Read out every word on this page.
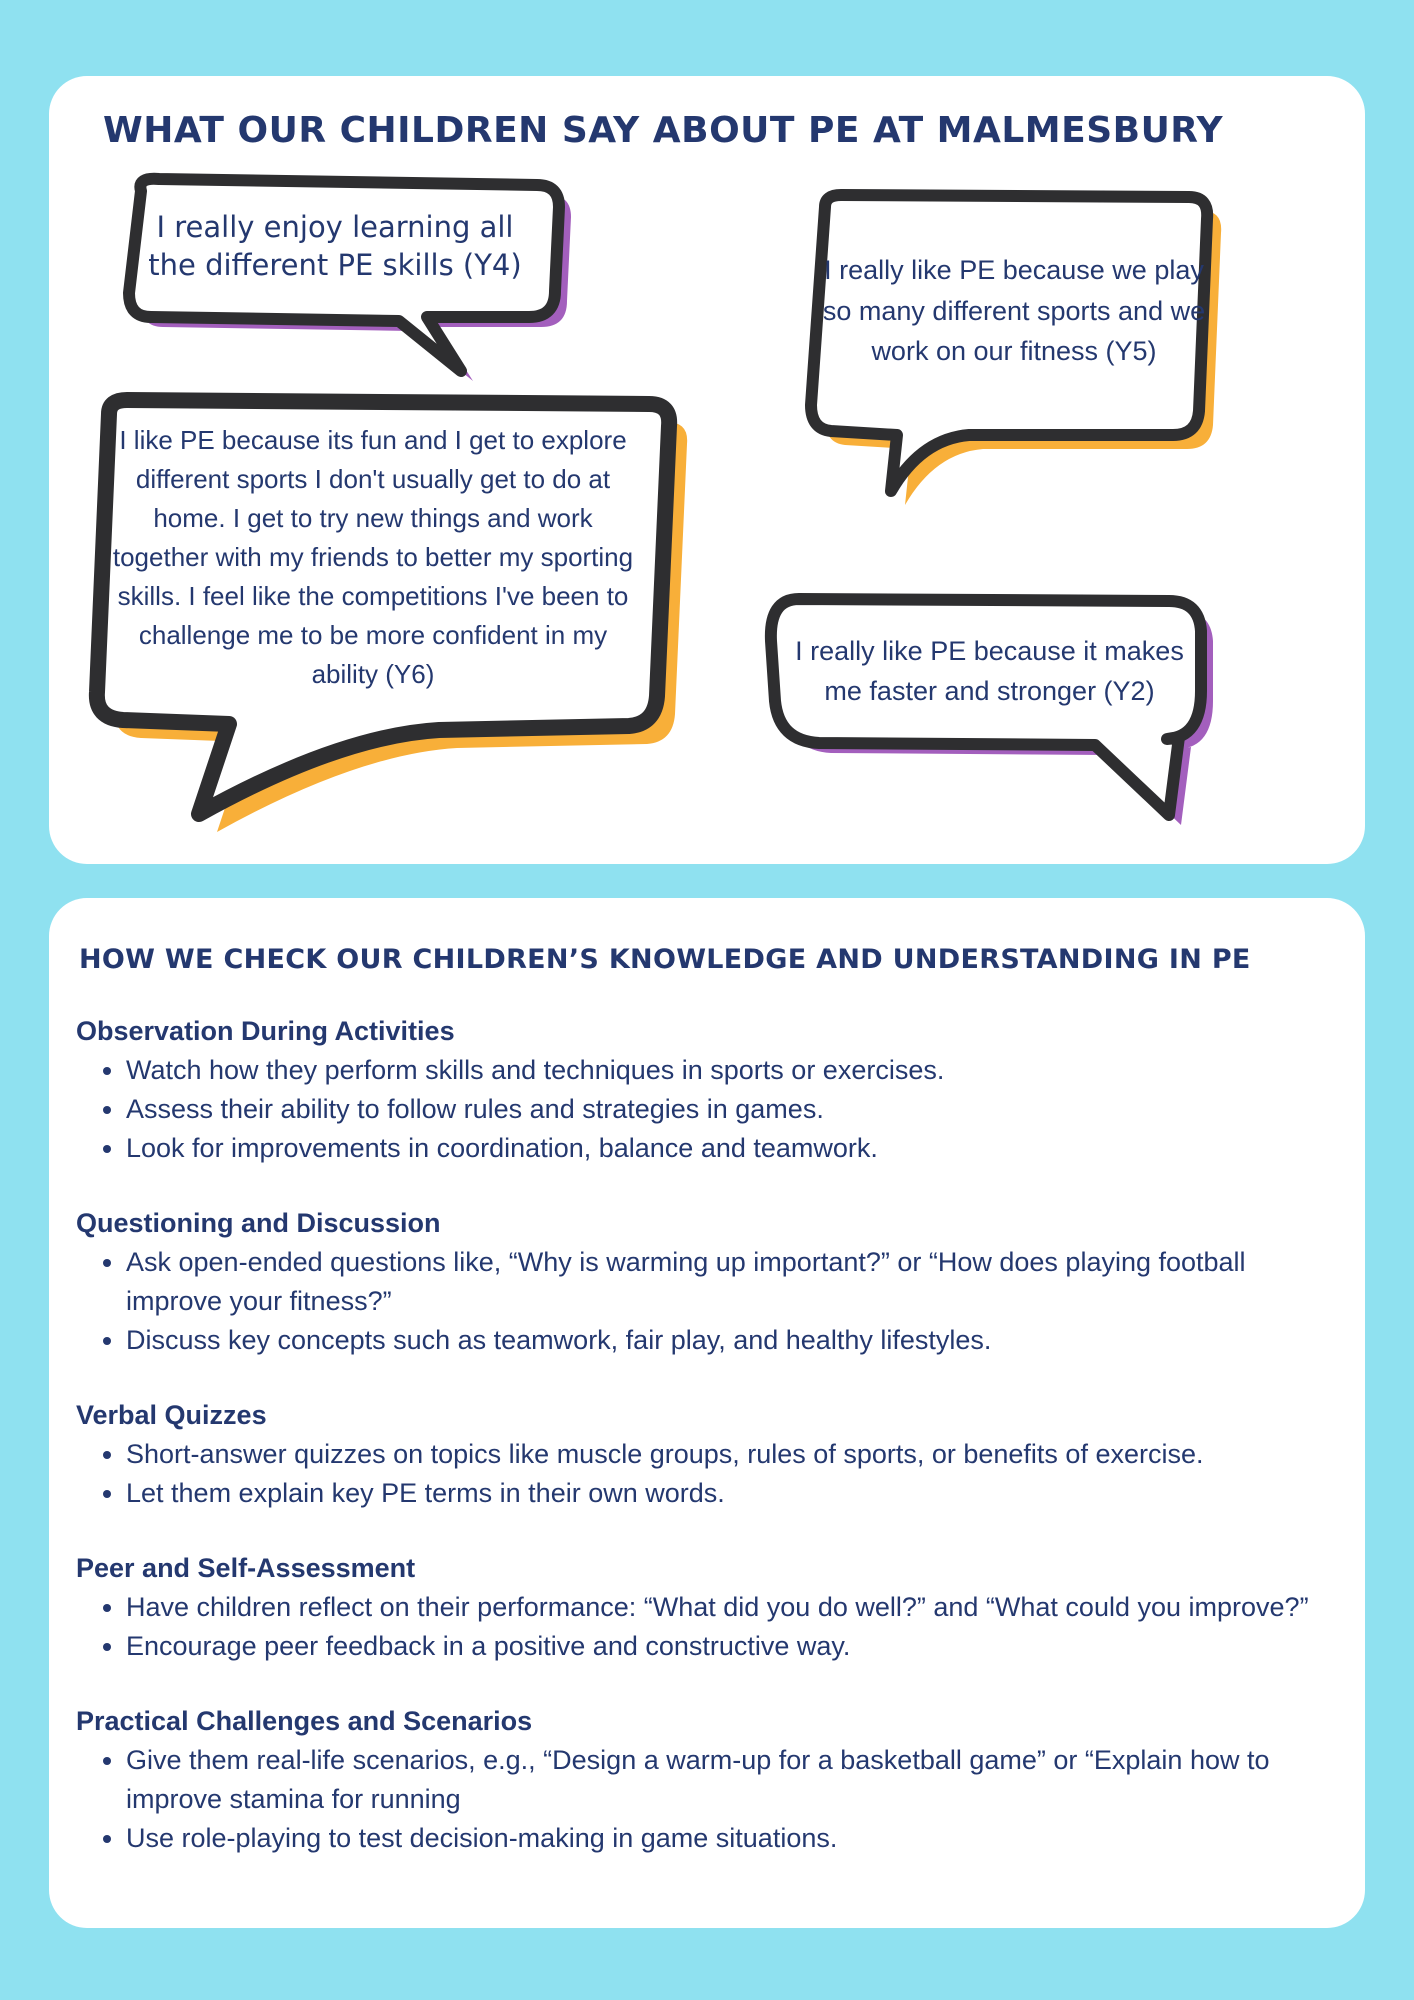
WHAT OUR CHILDREN SAY ABOUT PE AT MALMESBURY
I really enjoy learning all the different PE skills (Y4)	I really like PE because we play so many different sports and we work on our fitness (Y5)
I like PE because its fun and I get to explore different sports I don't usually get to do at home. I get to try new things and work together with my friends to better my sporting skills. I feel like the competitions I've been to challenge me to be more confident in my ability (Y6)
I really like PE because it makes me faster and stronger (Y2)
HOW WE CHECK OUR CHILDREN’S KNOWLEDGE AND UNDERSTANDING IN PE
Observation During Activities
• Watch how they perform skills and techniques in sports or exercises.
• Assess their ability to follow rules and strategies in games.
• Look for improvements in coordination, balance and teamwork.
Questioning and Discussion
• Ask open-ended questions like, “Why is warming up important?” or “How does playing football improve your fitness?”
• Discuss key concepts such as teamwork, fair play, and healthy lifestyles.
Verbal Quizzes
• Short-answer quizzes on topics like muscle groups, rules of sports, or benefits of exercise.
• Let them explain key PE terms in their own words.
Peer and Self-Assessment
• Have children reflect on their performance: “What did you do well?” and “What could you improve?”
• Encourage peer feedback in a positive and constructive way.
Practical Challenges and Scenarios
• Give them real-life scenarios, e.g., “Design a warm-up for a basketball game” or “Explain how to improve stamina for running
• Use role-playing to test decision-making in game situations.
